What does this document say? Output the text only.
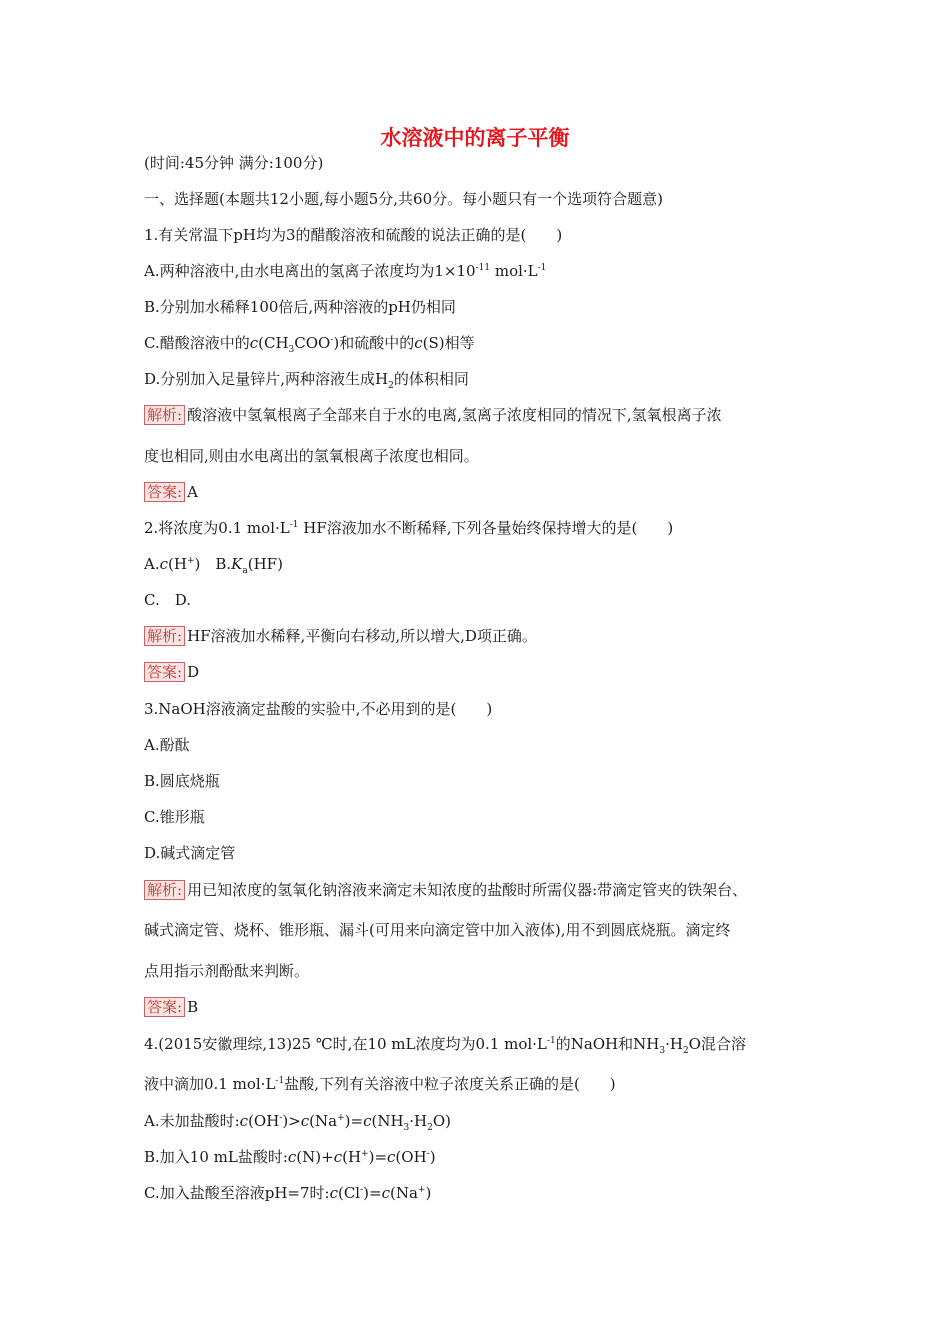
水溶液中的离子平衡
(时间:45分钟 满分:100分)
一、选择题(本题共12小题,每小题5分,共60分。每小题只有一个选项符合题意)
1.有关常温下pH均为3的醋酸溶液和硫酸的说法正确的是(　　)
A.两种溶液中,由水电离出的氢离子浓度均为$1\times 10^{-11}$ $mol\cdot L^{-1}$
B.分别加水稀释100倍后,两种溶液的pH仍相同
C.醋酸溶液中的$c(CH_3COO^-)$和硫酸中的c(S)相等
D.分别加入足量锌片,两种溶液生成$H_2$的体积相同
解析: 酸溶液中氢氧根离子全部来自于水的电离,氢离子浓度相同的情况下,氢氧根离子浓
度也相同,则由水电离出的氢氧根离子浓度也相同。
答案: A
2.将浓度为0.1 $mol\cdot L^{-1}$ HF溶液加水不断稀释,下列各量始终保持增大的是(　　)
A.c(H+)　$B.K_a(HF)$
C.　D.
解析: HF溶液加水稀释,平衡向右移动,所以增大,D项正确。
答案: D
3.NaOH溶液滴定盐酸的实验中,不必用到的是(　　)
A.酚酞
B.圆底烧瓶
C.锥形瓶
D.碱式滴定管
解析: 用已知浓度的氢氧化钠溶液来滴定未知浓度的盐酸时所需仪器:带滴定管夹的铁架台、
碱式滴定管、烧杯、锥形瓶、漏斗(可用来向滴定管中加入液体),用不到圆底烧瓶。滴定终
点用指示剂酚酞来判断。
答案: B
4.(2015安徽理综,13)25 ℃时,在10 mL浓度均为0.1 $mol\cdot L^{-1}$的NaOH和$NH_3\cdot H_2O$混合溶
液中滴加0.1 $mol\cdot L^{-1}$盐酸,下列有关溶液中粒子浓度关系正确的是(　　)
A.未加盐酸时$:c(OH^-)>c(Na^+)=c(NH_3\cdot H_2O)$
B.加入10 mL盐酸时:c(N)+c(H+)=c(OH-)
C.加入盐酸至溶液pH=7时:c(Cl-)=c(Na+)
